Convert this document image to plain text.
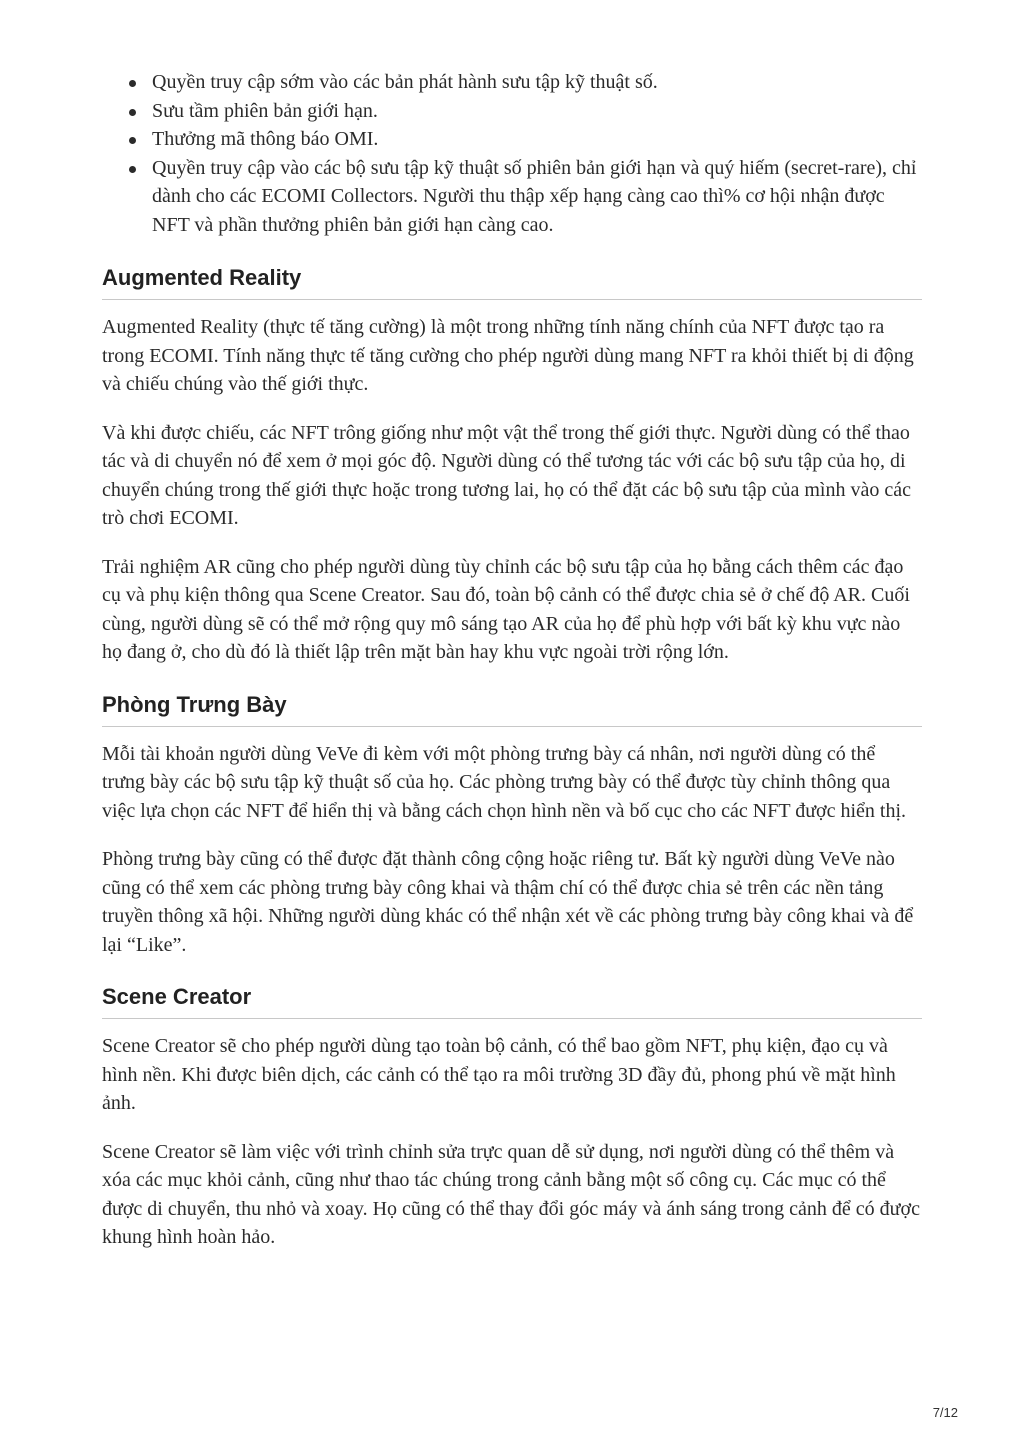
Quyền truy cập sớm vào các bản phát hành sưu tập kỹ thuật số.
Sưu tầm phiên bản giới hạn.
Thưởng mã thông báo OMI.
Quyền truy cập vào các bộ sưu tập kỹ thuật số phiên bản giới hạn và quý hiếm (secret-rare), chỉ dành cho các ECOMI Collectors. Người thu thập xếp hạng càng cao thì% cơ hội nhận được NFT và phần thưởng phiên bản giới hạn càng cao.
Augmented Reality

Augmented Reality (thực tế tăng cường) là một trong những tính năng chính của NFT được tạo ra trong ECOMI. Tính năng thực tế tăng cường cho phép người dùng mang NFT ra khỏi thiết bị di động và chiếu chúng vào thế giới thực.

Và khi được chiếu, các NFT trông giống như một vật thể trong thế giới thực. Người dùng có thể thao tác và di chuyển nó để xem ở mọi góc độ. Người dùng có thể tương tác với các bộ sưu tập của họ, di chuyển chúng trong thế giới thực hoặc trong tương lai, họ có thể đặt các bộ sưu tập của mình vào các trò chơi ECOMI.

Trải nghiệm AR cũng cho phép người dùng tùy chỉnh các bộ sưu tập của họ bằng cách thêm các đạo cụ và phụ kiện thông qua Scene Creator. Sau đó, toàn bộ cảnh có thể được chia sẻ ở chế độ AR. Cuối cùng, người dùng sẽ có thể mở rộng quy mô sáng tạo AR của họ để phù hợp với bất kỳ khu vực nào họ đang ở, cho dù đó là thiết lập trên mặt bàn hay khu vực ngoài trời rộng lớn.

Phòng Trưng Bày

Mỗi tài khoản người dùng VeVe đi kèm với một phòng trưng bày cá nhân, nơi người dùng có thể trưng bày các bộ sưu tập kỹ thuật số của họ. Các phòng trưng bày có thể được tùy chỉnh thông qua việc lựa chọn các NFT để hiển thị và bằng cách chọn hình nền và bố cục cho các NFT được hiển thị.

Phòng trưng bày cũng có thể được đặt thành công cộng hoặc riêng tư. Bất kỳ người dùng VeVe nào cũng có thể xem các phòng trưng bày công khai và thậm chí có thể được chia sẻ trên các nền tảng truyền thông xã hội. Những người dùng khác có thể nhận xét về các phòng trưng bày công khai và để lại “Like”.

Scene Creator

Scene Creator sẽ cho phép người dùng tạo toàn bộ cảnh, có thể bao gồm NFT, phụ kiện, đạo cụ và hình nền. Khi được biên dịch, các cảnh có thể tạo ra môi trường 3D đầy đủ, phong phú về mặt hình ảnh.

Scene Creator sẽ làm việc với trình chỉnh sửa trực quan dễ sử dụng, nơi người dùng có thể thêm và xóa các mục khỏi cảnh, cũng như thao tác chúng trong cảnh bằng một số công cụ. Các mục có thể được di chuyển, thu nhỏ và xoay. Họ cũng có thể thay đổi góc máy và ánh sáng trong cảnh để có được khung hình hoàn hảo.

7/12
